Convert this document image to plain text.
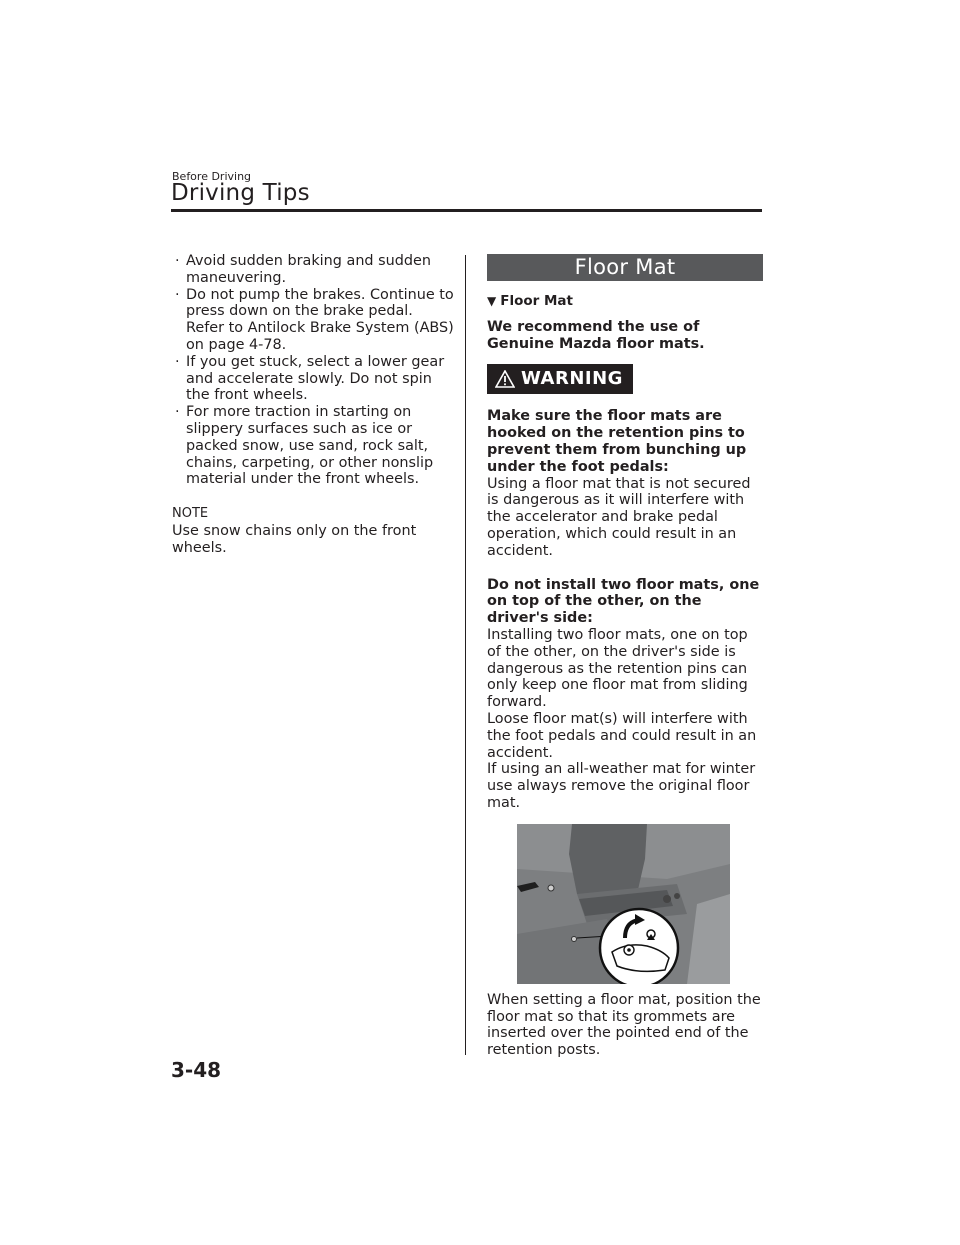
Before Driving
Driving Tips
· Avoid sudden braking and sudden maneuvering.
· Do not pump the brakes. Continue to press down on the brake pedal. Refer to Antilock Brake System (ABS) on page 4-78.
· If you get stuck, select a lower gear and accelerate slowly. Do not spin the front wheels.
· For more traction in starting on slippery surfaces such as ice or packed snow, use sand, rock salt, chains, carpeting, or other nonslip material under the front wheels.
NOTE

Use snow chains only on the front wheels.

Floor Mat
▼ Floor Mat

We recommend the use of Genuine Mazda floor mats.

WARNING

Make sure the floor mats are hooked on the retention pins to prevent them from bunching up under the foot pedals:

Using a floor mat that is not secured is dangerous as it will interfere with the accelerator and brake pedal operation, which could result in an accident.

Do not install two floor mats, one on top of the other, on the driver's side:

Installing two floor mats, one on top of the other, on the driver's side is dangerous as the retention pins can only keep one floor mat from sliding forward.

Loose floor mat(s) will interfere with the foot pedals and could result in an accident.

If using an all-weather mat for winter use always remove the original floor mat.

When setting a floor mat, position the floor mat so that its grommets are inserted over the pointed end of the retention posts.
3-48
